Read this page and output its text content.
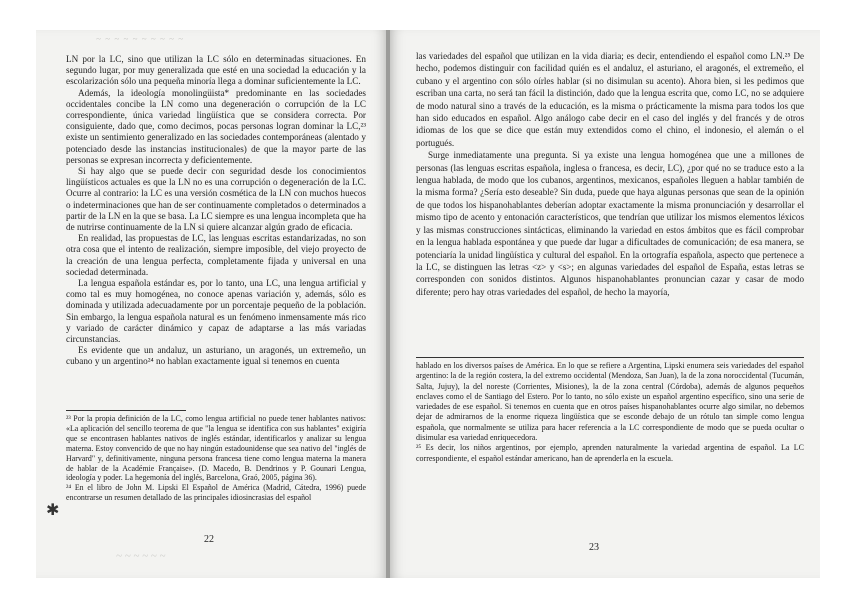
~ ~ ~ ~ ~ ~ ~ ~ ~ ~

LN por la LC, sino que utilizan la LC sólo en determinadas situaciones. En segundo lugar, por muy generalizada que esté en una sociedad la educación y la escolarización sólo una pequeña minoría llega a dominar suficientemente la LC.

Además, la ideología monolingüista* predominante en las sociedades occidentales concibe la LN como una degeneración o corrupción de la LC correspondiente, única variedad lingüística que se considera correcta. Por consiguiente, dado que, como decimos, pocas personas logran dominar la LC,²³ existe un sentimiento generalizado en las sociedades contemporáneas (alentado y potenciado desde las instancias institucionales) de que la mayor parte de las personas se expresan incorrecta y deficientemente.

Si hay algo que se puede decir con seguridad desde los conocimientos lingüísticos actuales es que la LN no es una corrupción o degeneración de la LC. Ocurre al contrario: la LC es una versión cosmética de la LN con muchos huecos o indeterminaciones que han de ser continuamente completados o determinados a partir de la LN en la que se basa. La LC siempre es una lengua incompleta que ha de nutrirse continuamente de la LN si quiere alcanzar algún grado de eficacia.

En realidad, las propuestas de LC, las lenguas escritas estandarizadas, no son otra cosa que el intento de realización, siempre imposible, del viejo proyecto de la creación de una lengua perfecta, completamente fijada y universal en una sociedad determinada.

La lengua española estándar es, por lo tanto, una LC, una lengua artificial y como tal es muy homogénea, no conoce apenas variación y, además, sólo es dominada y utilizada adecuadamente por un porcentaje pequeño de la población. Sin embargo, la lengua española natural es un fenómeno inmensamente más rico y variado de carácter dinámico y capaz de adaptarse a las más variadas circunstancias.

Es evidente que un andaluz, un asturiano, un aragonés, un extremeño, un cubano y un argentino²⁴ no hablan exactamente igual si tenemos en cuenta

²³ Por la propia definición de la LC, como lengua artificial no puede tener hablantes nativos: «La aplicación del sencillo teorema de que "la lengua se identifica con sus hablantes" exigiría que se encontrasen hablantes nativos de inglés estándar, identificarlos y analizar su lengua materna. Estoy convencido de que no hay ningún estadounidense que sea nativo del "inglés de Harvard" y, definitivamente, ninguna persona francesa tiene como lengua materna la manera de hablar de la Académie Française». (D. Macedo, B. Dendrinos y P. Gounari Lengua, ideología y poder. La hegemonía del inglés, Barcelona, Graó, 2005, página 36).

²⁴ En el libro de John M. Lipski El Español de América (Madrid, Cátedra, 1996) puede encontrarse un resumen detallado de las principales idiosincrasias del español

✱
22
~ ~ ~ ~ ~ ~

las variedades del español que utilizan en la vida diaria; es decir, entendiendo el español como LN.²⁵ De hecho, podemos distinguir con facilidad quién es el andaluz, el asturiano, el aragonés, el extremeño, el cubano y el argentino con sólo oírles hablar (si no disimulan su acento). Ahora bien, si les pedimos que escriban una carta, no será tan fácil la distinción, dado que la lengua escrita que, como LC, no se adquiere de modo natural sino a través de la educación, es la misma o prácticamente la misma para todos los que han sido educados en español. Algo análogo cabe decir en el caso del inglés y del francés y de otros idiomas de los que se dice que están muy extendidos como el chino, el indonesio, el alemán o el portugués.

Surge inmediatamente una pregunta. Si ya existe una lengua homogénea que une a millones de personas (las lenguas escritas española, inglesa o francesa, es decir, LC), ¿por qué no se traduce esto a la lengua hablada, de modo que los cubanos, argentinos, mexicanos, españoles lleguen a hablar también de la misma forma? ¿Sería esto deseable? Sin duda, puede que haya algunas personas que sean de la opinión de que todos los hispanohablantes deberían adoptar exactamente la misma pronunciación y desarrollar el mismo tipo de acento y entonación característicos, que tendrían que utilizar los mismos elementos léxicos y las mismas construcciones sintácticas, eliminando la variedad en estos ámbitos que es fácil comprobar en la lengua hablada espontánea y que puede dar lugar a dificultades de comunicación; de esa manera, se potenciaría la unidad lingüística y cultural del español. En la ortografía española, aspecto que pertenece a la LC, se distinguen las letras <z> y <s>; en algunas variedades del español de España, estas letras se corresponden con sonidos distintos. Algunos hispanohablantes pronuncian cazar y casar de modo diferente; pero hay otras variedades del español, de hecho la mayoría,

hablado en los diversos países de América. En lo que se refiere a Argentina, Lipski enumera seis variedades del español argentino: la de la región costera, la del extremo occidental (Mendoza, San Juan), la de la zona noroccidental (Tucumán, Salta, Jujuy), la del noreste (Corrientes, Misiones), la de la zona central (Córdoba), además de algunos pequeños enclaves como el de Santiago del Estero. Por lo tanto, no sólo existe un español argentino específico, sino una serie de variedades de ese español. Si tenemos en cuenta que en otros países hispanohablantes ocurre algo similar, no debemos dejar de admirarnos de la enorme riqueza lingüística que se esconde debajo de un rótulo tan simple como lengua española, que normalmente se utiliza para hacer referencia a la LC correspondiente de modo que se pueda ocultar o disimular esa variedad enriquecedora.

²⁵ Es decir, los niños argentinos, por ejemplo, aprenden naturalmente la variedad argentina de español. La LC correspondiente, el español estándar americano, han de aprenderla en la escuela.

23
